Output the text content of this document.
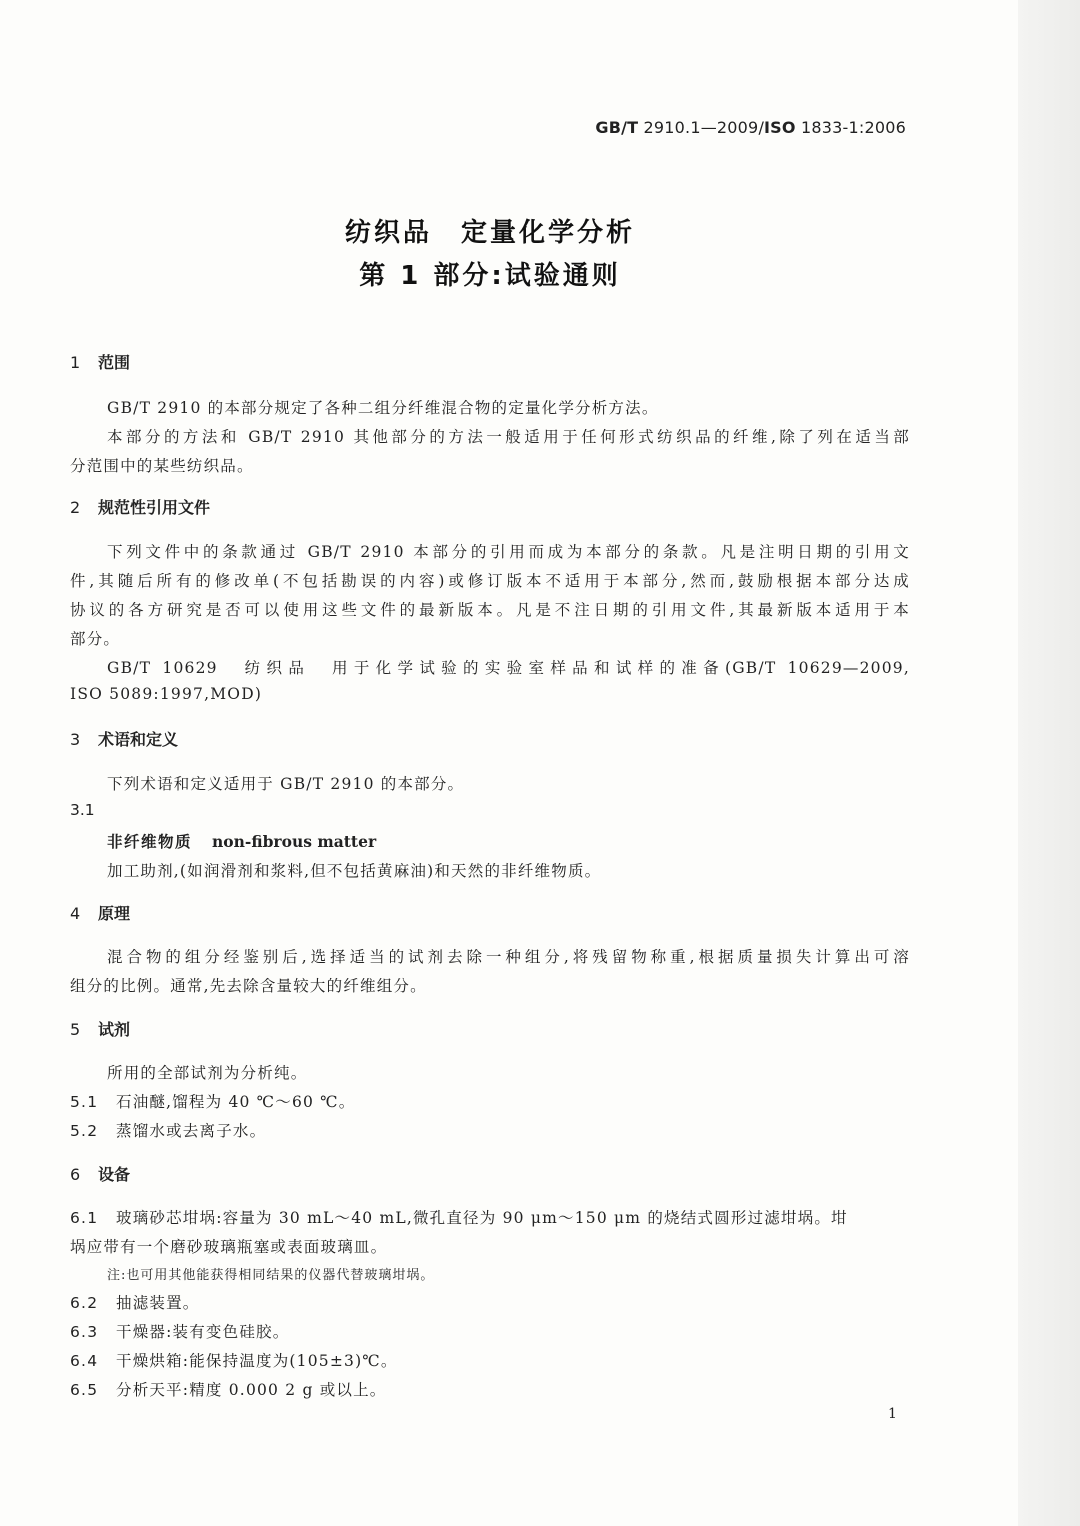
GB/T 2910.1—2009/ISO 1833-1:2006
纺织品　定量化学分析
第 1 部分:试验通则
1 范围
GB/T 2910 的本部分规定了各种二组分纤维混合物的定量化学分析方法。
本部分的方法和 GB/T 2910 其他部分的方法一般适用于任何形式纺织品的纤维,除了列在适当部
分范围中的某些纺织品。
2 规范性引用文件
下列文件中的条款通过 GB/T 2910 本部分的引用而成为本部分的条款。凡是注明日期的引用文
件,其随后所有的修改单(不包括勘误的内容)或修订版本不适用于本部分,然而,鼓励根据本部分达成
协议的各方研究是否可以使用这些文件的最新版本。凡是不注日期的引用文件,其最新版本适用于本
部分。
GB/T 10629　纺织品　用于化学试验的实验室样品和试样的准备(GB/T 10629—2009,
ISO 5089:1997,MOD)
3 术语和定义
下列术语和定义适用于 GB/T 2910 的本部分。
3.1
非纤维物质 non-fibrous matter
加工助剂,(如润滑剂和浆料,但不包括黄麻油)和天然的非纤维物质。
4 原理
混合物的组分经鉴别后,选择适当的试剂去除一种组分,将残留物称重,根据质量损失计算出可溶
组分的比例。通常,先去除含量较大的纤维组分。
5 试剂
所用的全部试剂为分析纯。
5.1 石油醚,馏程为 40 ℃～60 ℃。
5.2 蒸馏水或去离子水。
6 设备
6.1 玻璃砂芯坩埚:容量为 30 mL～40 mL,微孔直径为 90 μm～150 μm 的烧结式圆形过滤坩埚。坩
埚应带有一个磨砂玻璃瓶塞或表面玻璃皿。
注:也可用其他能获得相同结果的仪器代替玻璃坩埚。
6.2 抽滤装置。
6.3 干燥器:装有变色硅胶。
6.4 干燥烘箱:能保持温度为(105±3)℃。
6.5 分析天平:精度 0.000 2 g 或以上。
1
